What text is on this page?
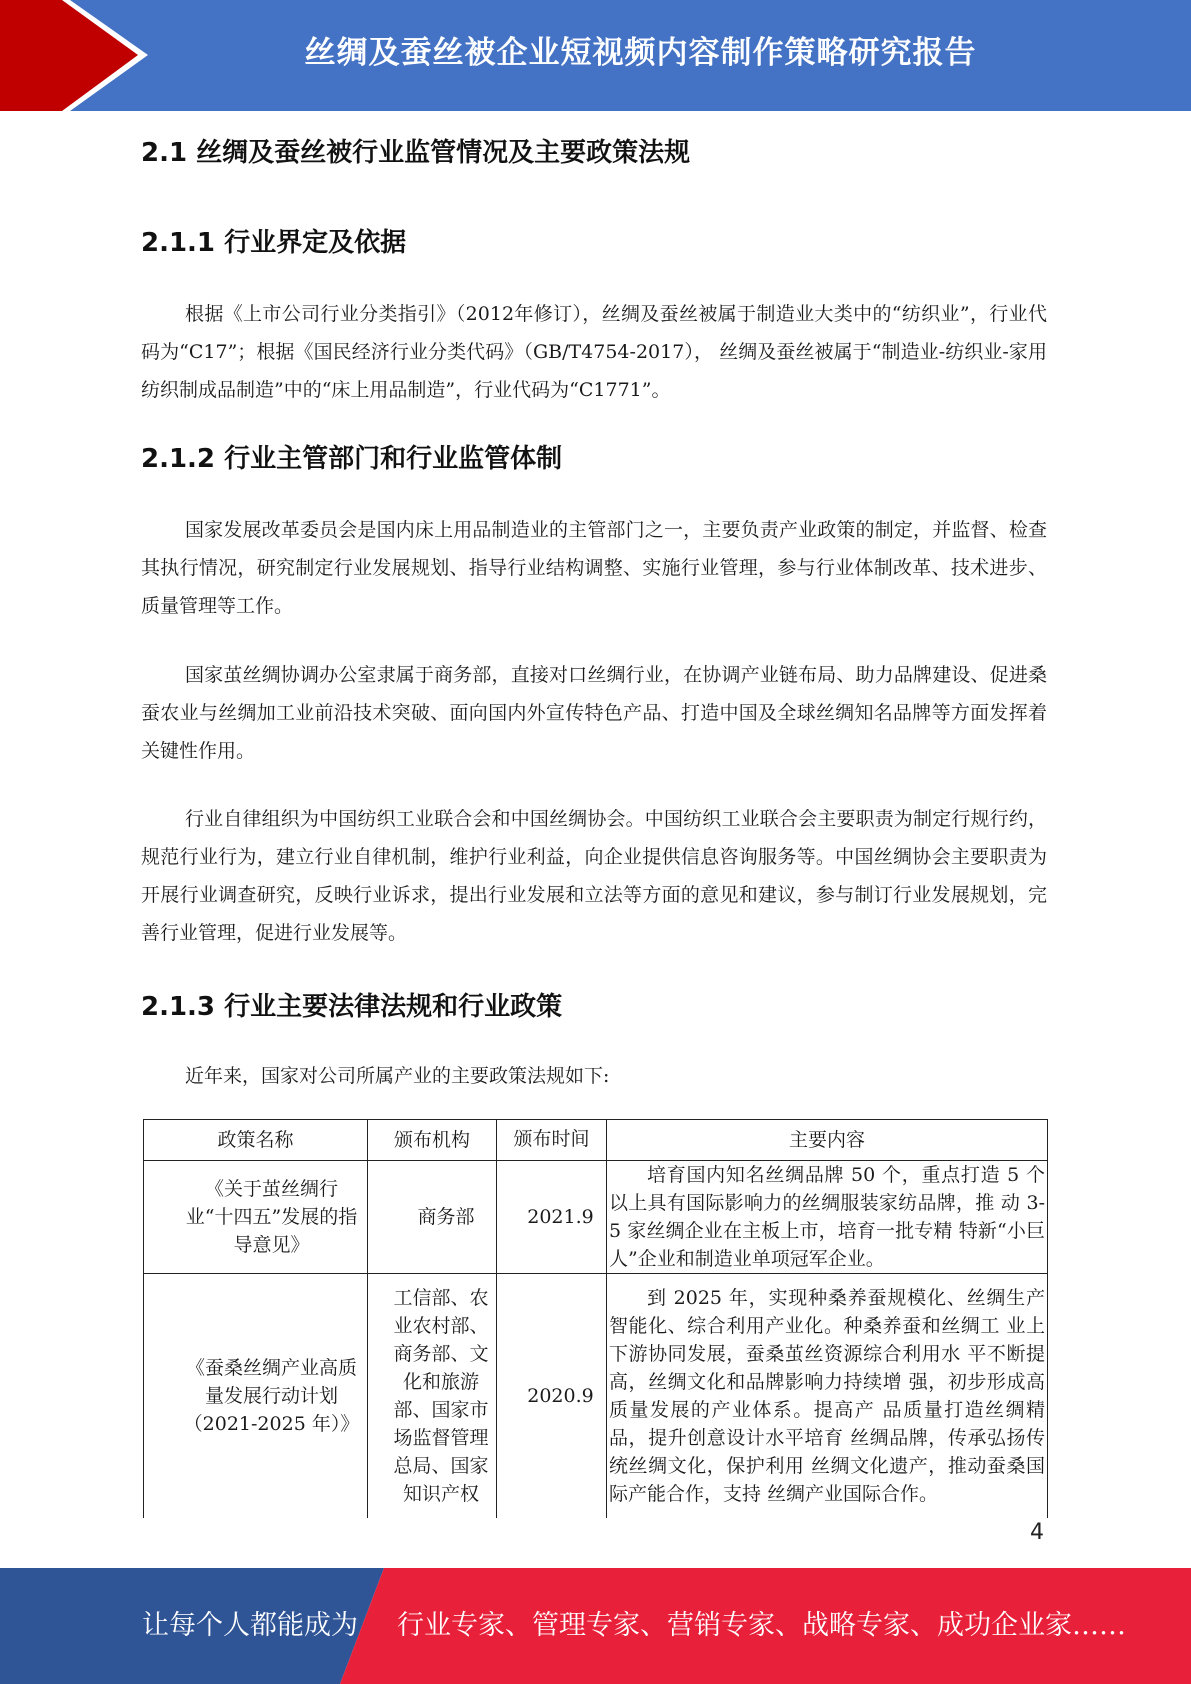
丝绸及蚕丝被企业短视频内容制作策略研究报告
2.1 丝绸及蚕丝被行业监管情况及主要政策法规
2.1.1 行业界定及依据
根据《上市公司行业分类指引》（2012年修订），丝绸及蚕丝被属于制造业大类中的“纺织业”，行业代码为“C17”；根据《国民经济行业分类代码》（GB/T4754-2017）， 丝绸及蚕丝被属于“制造业-纺织业-家用纺织制成品制造”中的“床上用品制造”，行业代码为“C1771”。
2.1.2 行业主管部门和行业监管体制
国家发展改革委员会是国内床上用品制造业的主管部门之一，主要负责产业政策的制定，并监督、检查其执行情况，研究制定行业发展规划、指导行业结构调整、实施行业管理，参与行业体制改革、技术进步、质量管理等工作。
国家茧丝绸协调办公室隶属于商务部，直接对口丝绸行业，在协调产业链布局、助力品牌建设、促进桑蚕农业与丝绸加工业前沿技术突破、面向国内外宣传特色产品、打造中国及全球丝绸知名品牌等方面发挥着关键性作用。
行业自律组织为中国纺织工业联合会和中国丝绸协会。中国纺织工业联合会主要职责为制定行规行约，规范行业行为，建立行业自律机制，维护行业利益，向企业提供信息咨询服务等。中国丝绸协会主要职责为开展行业调查研究，反映行业诉求，提出行业发展和立法等方面的意见和建议，参与制订行业发展规划，完善行业管理，促进行业发展等。
2.1.3 行业主要法律法规和行业政策
近年来，国家对公司所属产业的主要政策法规如下:
政策名称	颁布机构	颁布时间	主要内容
《关于茧丝绸行业“十四五”发展的指 导意见》	商务部	2021.9	培育国内知名丝绸品牌 50 个，重点打造 5 个以上具有国际影响力的丝绸服装家纺品牌，推 动 3-5 家丝绸企业在主板上市，培育一批专精 特新“小巨人”企业和制造业单项冠军企业。
《蚕桑丝绸产业高质量发展行动计划（2021-2025 年）》	工信部、农 业农村部、 商务部、文 化和旅游 部、国家市 场监督管理 总局、国家 知识产权	2020.9	到 2025 年，实现种桑养蚕规模化、丝绸生产智能化、综合利用产业化。种桑养蚕和丝绸工 业上下游协同发展，蚕桑茧丝资源综合利用水 平不断提高，丝绸文化和品牌影响力持续增 强，初步形成高质量发展的产业体系。提高产 品质量打造丝绸精品，提升创意设计水平培育 丝绸品牌，传承弘扬传统丝绸文化，保护利用 丝绸文化遗产，推动蚕桑国际产能合作，支持 丝绸产业国际合作。
4
让每个人都能成为 行业专家、管理专家、营销专家、战略专家、成功企业家……
